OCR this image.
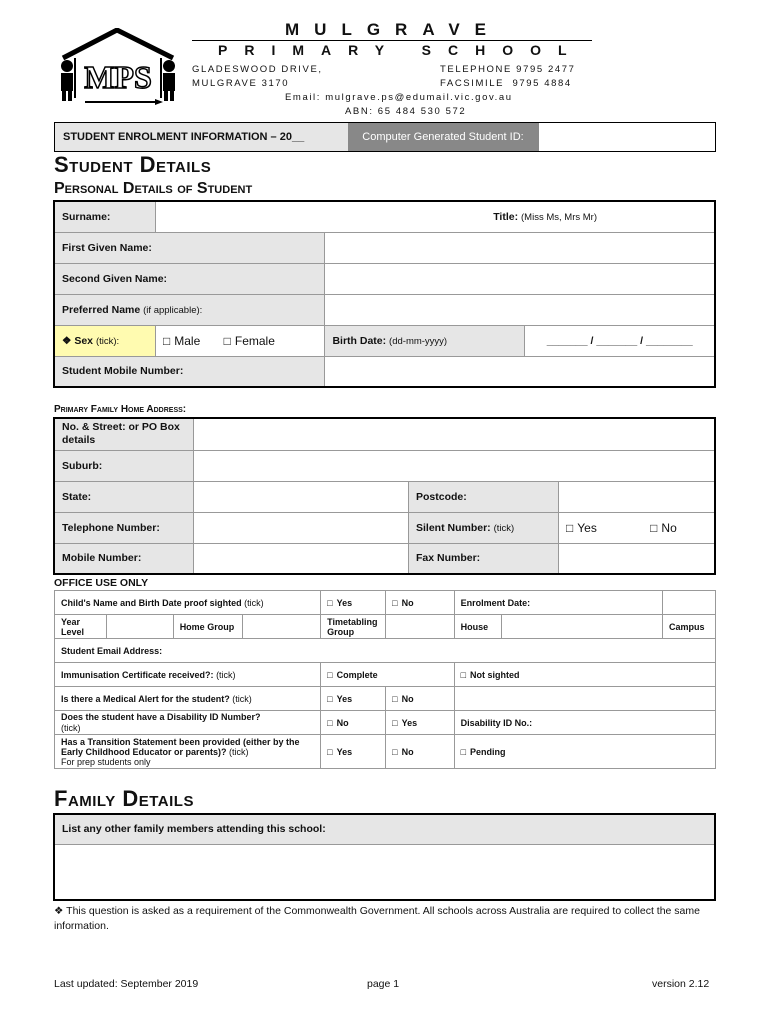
MPS
MULGRAVE
PRIMARY SCHOOL
GLADESWOOD DRIVE,
MULGRAVE 3170
TELEPHONE 9795 2477
FACSIMILE  9795 4884
Email: mulgrave.ps@edumail.vic.gov.au
ABN: 65 484 530 572
STUDENT ENROLMENT INFORMATION – 20__	Computer Generated Student ID:
Student Details
Personal Details of Student
Surname:	Title: (Miss Ms, Mrs Mr)		

First Given Name:			
Second Given Name:			
Preferred Name (if applicable):			
❖ Sex (tick):	□ Male □ Female	Birth Date: (dd-mm-yyyy)	_______ / _______ / ________
Student Mobile Number:			
Primary Family Home Address:
No. & Street: or PO Box details			
Suburb:			
State:		Postcode:	
Telephone Number:		Silent Number: (tick)	□ Yes □ No
Mobile Number:		Fax Number:	
OFFICE USE ONLY
Child's Name and Birth Date proof sighted (tick)				□ Yes	□ No	Enrolment Date:		
Year Level		Home Group		Timetabling Group		House		Campus
Student Email Address:								
Immunisation Certificate received?: (tick)				□ Complete		□ Not sighted
Is there a Medical Alert for the student? (tick)				□ Yes	□ No	
Does the student have a Disability ID Number?
(tick)				□ No	□ Yes	Disability ID No.:		
Has a Transition Statement been provided (either by the Early Childhood Educator or parents)? (tick)
For prep students only				□ Yes	□ No	□ Pending
Family Details
List any other family members attending this school:

❖ This question is asked as a requirement of the Commonwealth Government. All schools across Australia are required to collect the same information.
Last updated: September 2019	page 1	version 2.12
